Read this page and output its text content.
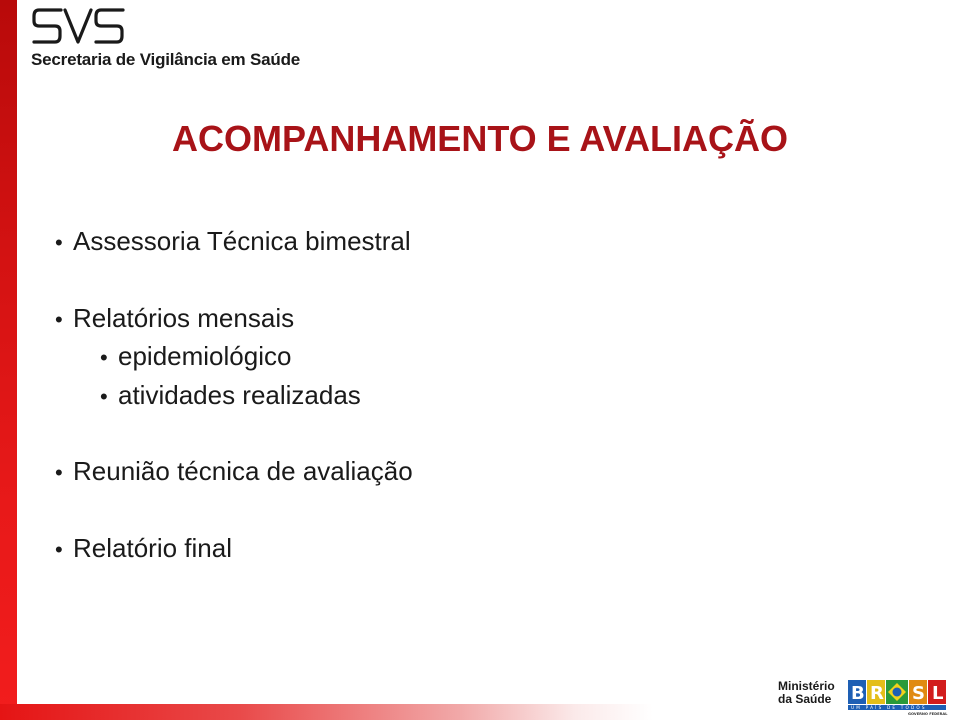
Secretaria de Vigilância em Saúde
ACOMPANHAMENTO E AVALIAÇÃO
• Assessoria Técnica bimestral
• Relatórios mensais
• epidemiológico
• atividades realizadas
• Reunião técnica de avaliação
• Relatório final
Ministério
da Saúde B R S L
UM PAÍS DE TODOS
GOVERNO FEDERAL
